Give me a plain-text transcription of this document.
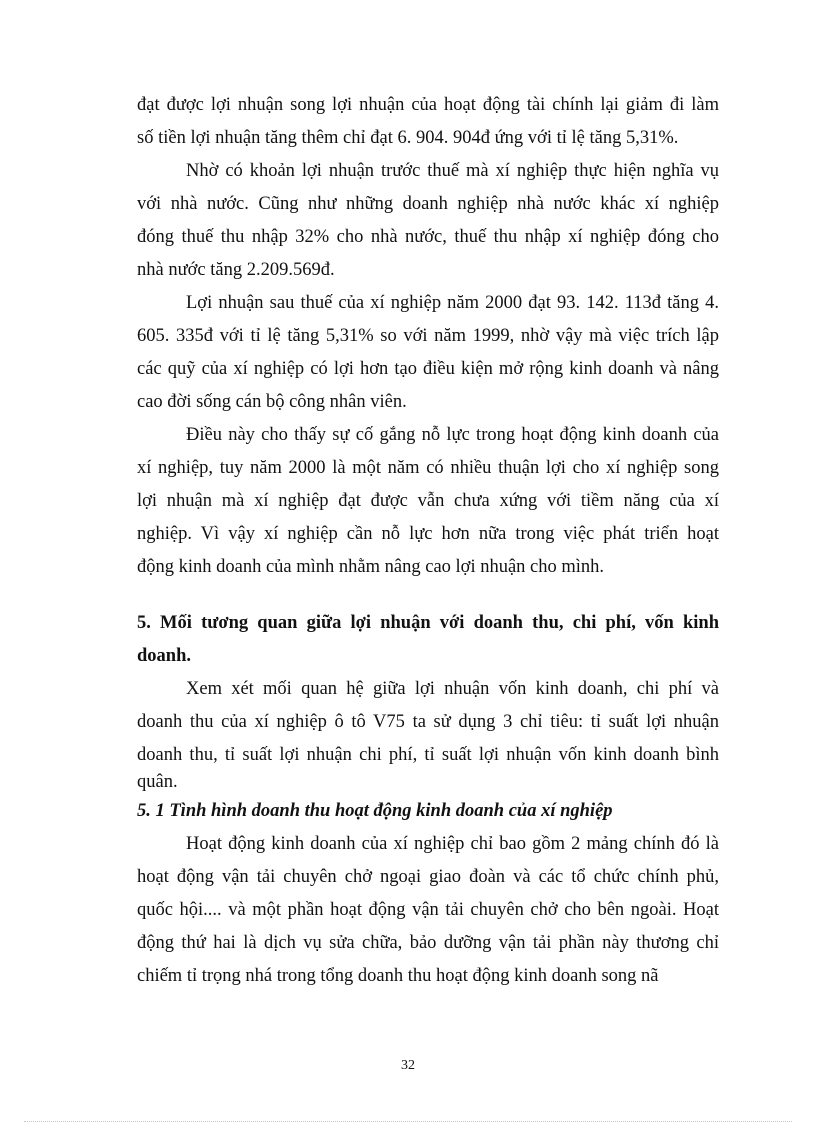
đạt được lợi nhuận song lợi nhuận của hoạt động tài chính lại giảm đi làm
số tiền lợi nhuận tăng thêm chỉ đạt 6. 904. 904đ ứng với tỉ lệ tăng 5,31%.
Nhờ có khoản lợi nhuận trước thuế mà xí nghiệp thực hiện nghĩa vụ
với nhà nước. Cũng như những doanh nghiệp nhà nước khác xí nghiệp
đóng thuế thu nhập 32% cho nhà nước, thuế thu nhập xí nghiệp đóng cho
nhà nước tăng 2.209.569đ.
Lợi nhuận sau thuế của xí nghiệp năm 2000 đạt 93. 142. 113đ tăng 4.
605. 335đ với tỉ lệ tăng 5,31% so với năm 1999, nhờ vậy mà việc trích lập
các quỹ của xí nghiệp có lợi hơn tạo điều kiện mở rộng kinh doanh và nâng
cao đời sống cán bộ công nhân viên.
Điều này cho thấy sự cố gắng nỗ lực trong hoạt động kinh doanh của
xí nghiệp, tuy năm 2000 là một năm có nhiều thuận lợi cho xí nghiệp song
lợi nhuận mà xí nghiệp đạt được vẫn chưa xứng với tiềm năng của xí
nghiệp. Vì vậy xí nghiệp cần nỗ lực hơn nữa trong việc phát triển hoạt
động kinh doanh của mình nhằm nâng cao lợi nhuận cho mình.
5. Mối tương quan giữa lợi nhuận với doanh thu, chi phí, vốn kinh
doanh.
Xem xét mối quan hệ giữa lợi nhuận vốn kinh doanh, chi phí và
doanh thu của xí nghiệp ô tô V75 ta sử dụng 3 chỉ tiêu: tỉ suất lợi nhuận
doanh thu, tỉ suất lợi nhuận chi phí, tỉ suất lợi nhuận vốn kinh doanh bình
quân.
5. 1 Tình hình doanh thu hoạt động kinh doanh của xí nghiệp
Hoạt động kinh doanh của xí nghiệp chỉ bao gồm 2 mảng chính đó là
hoạt động vận tải chuyên chở ngoại giao đoàn và các tổ chức chính phủ,
quốc hội.... và một phần hoạt động vận tải chuyên chở cho bên ngoài. Hoạt
động thứ hai là dịch vụ sửa chữa, bảo dưỡng vận tải phần này thương chỉ
chiếm tỉ trọng nhá trong tổng doanh thu hoạt động kinh doanh song nã
32
